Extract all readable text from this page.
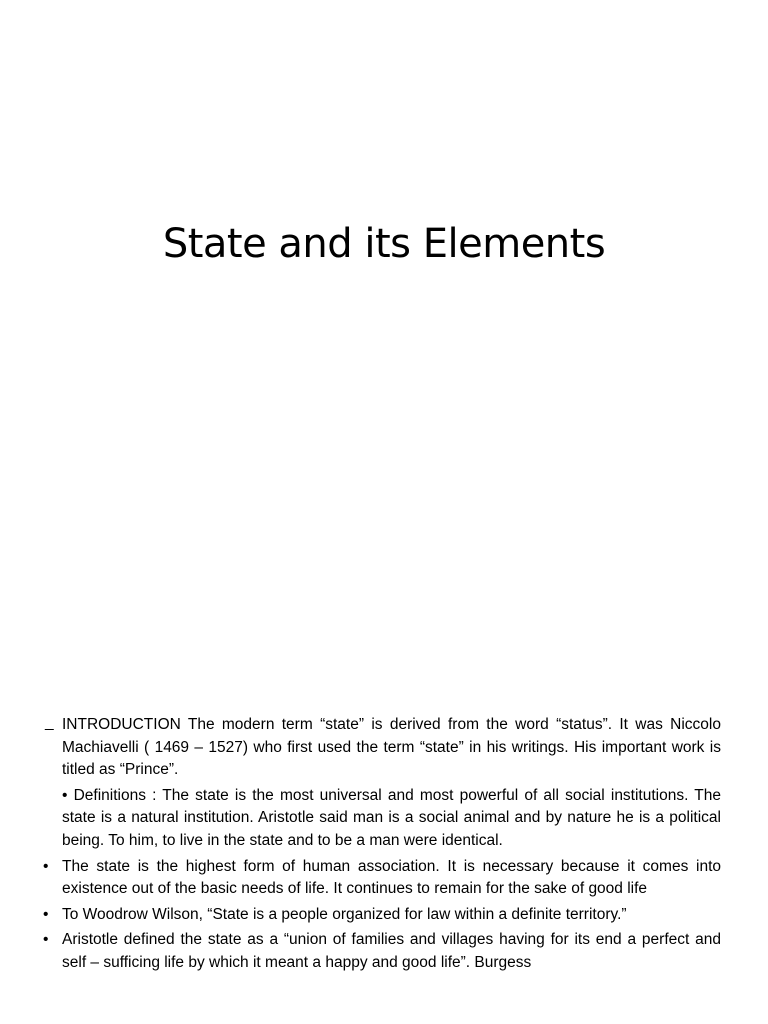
State and its Elements

_ INTRODUCTION The modern term “state” is derived from the word “status”. It was Niccolo Machiavelli ( 1469 – 1527) who first used the term “state” in his writings. His important work is titled as “Prince”.

• Definitions : The state is the most universal and most powerful of all social institutions. The state is a natural institution. Aristotle said man is a social animal and by nature he is a political being. To him, to live in the state and to be a man were identical.

• The state is the highest form of human association. It is necessary because it comes into existence out of the basic needs of life. It continues to remain for the sake of good life

• To Woodrow Wilson, “State is a people organized for law within a definite territory.”

• Aristotle defined the state as a “union of families and villages having for its end a perfect and self – sufficing life by which it meant a happy and good life”. Burgess
